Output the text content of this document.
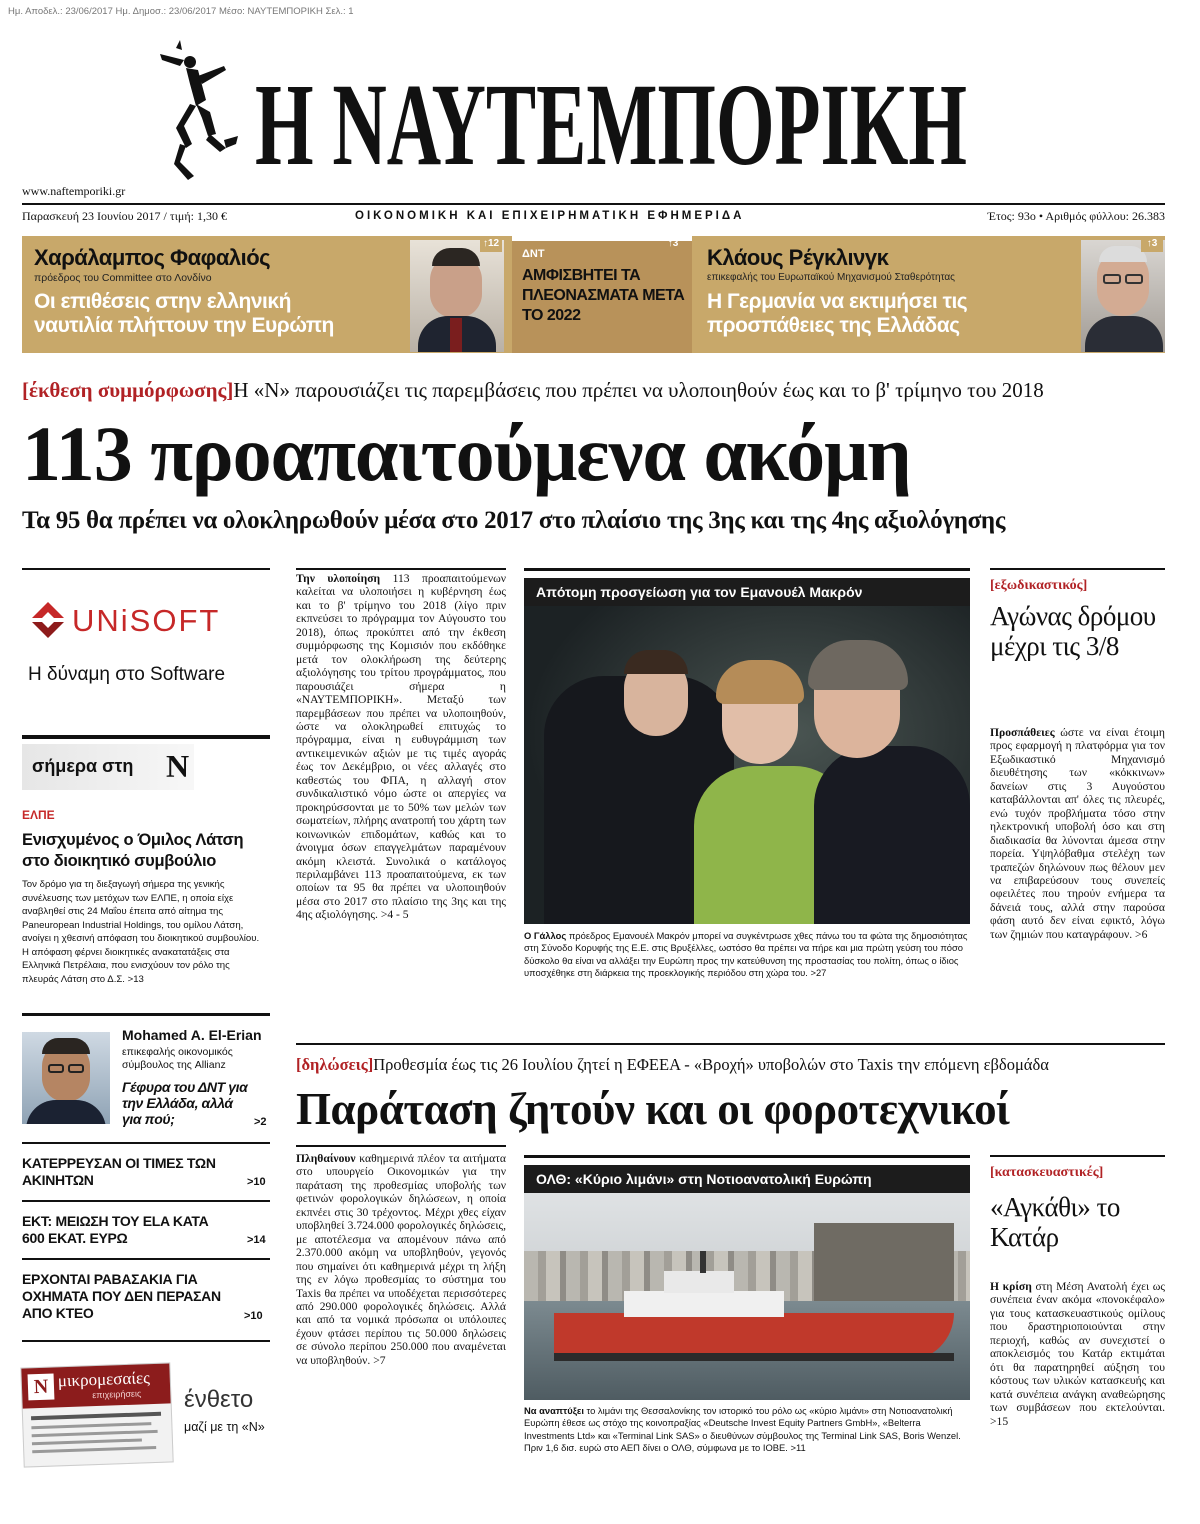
Ημ. Αποδελ.: 23/06/2017 Ημ. Δημοσ.: 23/06/2017 Μέσο: ΝΑΥΤΕΜΠΟΡΙΚΗ Σελ.: 1
Η ΝΑΥΤΕΜΠΟΡΙΚΗ
www.naftemporiki.gr
Παρασκευή 23 Ιουνίου 2017 / τιμή: 1,30 €	ΟΙΚΟΝΟΜΙΚΗ ΚΑΙ ΕΠΙΧΕΙΡΗΜΑΤΙΚΗ ΕΦΗΜΕΡΙΔΑ	Έτος: 93ο • Αριθμός φύλλου: 26.383
Χαράλαμπος Φαφαλιός
πρόεδρος του Committee στο Λονδίνο
Οι επιθέσεις στην ελληνική ναυτιλία πλήττουν την Ευρώπη
↑12
ΔΝΤ
↑3
ΑΜΦΙΣΒΗΤΕΙ ΤΑ ΠΛΕΟΝΑΣΜΑΤΑ ΜΕΤΑ ΤΟ 2022
Κλάους Ρέγκλινγκ
επικεφαλής του Ευρωπαϊκού Μηχανισμού Σταθερότητας
Η Γερμανία να εκτιμήσει τις προσπάθειες της Ελλάδας
↑3
[έκθεση συμμόρφωσης]Η «Ν» παρουσιάζει τις παρεμβάσεις που πρέπει να υλοποιηθούν έως και το β' τρίμηνο του 2018
113 προαπαιτούμενα ακόμη
Τα 95 θα πρέπει να ολοκληρωθούν μέσα στο 2017 στο πλαίσιο της 3ης και της 4ης αξιολόγησης
UNiSOFT
Η δύναμη στο Software
σήμερα στη Ν
ΕΛΠΕ
Ενισχυμένος ο Όμιλος Λάτση στο διοικητικό συμβούλιο
Τον δρόμο για τη διεξαγωγή σήμερα της γενικής συνέλευσης των μετόχων των ΕΛΠΕ, η οποία είχε αναβληθεί στις 24 Μαΐου έπειτα από αίτημα της Paneuropean Industrial Holdings, του ομίλου Λάτση, ανοίγει η χθεσινή απόφαση του διοικητικού συμβουλίου. Η απόφαση φέρνει διοικητικές ανακατατάξεις στα Ελληνικά Πετρέλαια, που ενισχύουν τον ρόλο της πλευράς Λάτση στο Δ.Σ. >13
Mohamed A. El-Erian
επικεφαλής οικονομικός σύμβουλος της Allianz
Γέφυρα του ΔΝΤ για την Ελλάδα, αλλά για πού;	>2
ΚΑΤΕΡΡΕΥΣΑΝ ΟΙ ΤΙΜΕΣ ΤΩΝ ΑΚΙΝΗΤΩΝ	>10
ΕΚΤ: ΜΕΙΩΣΗ ΤΟΥ ELA ΚΑΤΑ 600 ΕΚΑΤ. ΕΥΡΩ	>14
ΕΡΧΟΝΤΑΙ ΡΑΒΑΣΑΚΙΑ ΓΙΑ ΟΧΗΜΑΤΑ ΠΟΥ ΔΕΝ ΠΕΡΑΣΑΝ ΑΠΟ ΚΤΕΟ	>10
Ν μικρομεσαίες
επιχειρήσεις ένθετο
μαζί με τη «Ν»
Την υλοποίηση 113 προαπαιτούμενων καλείται να υλοποιήσει η κυβέρνηση έως και το β' τρίμηνο του 2018 (λίγο πριν εκπνεύσει το πρόγραμμα τον Αύγουστο του 2018), όπως προκύπτει από την έκθεση συμμόρφωσης της Κομισιόν που εκδόθηκε μετά τον ολοκλήρωση της δεύτερης αξιολόγησης του τρίτου προγράμματος, που παρουσιάζει σήμερα η «ΝΑΥΤΕΜΠΟΡΙΚΗ». Μεταξύ των παρεμβάσεων που πρέπει να υλοποιηθούν, ώστε να ολοκληρωθεί επιτυχώς το πρόγραμμα, είναι η ευθυγράμμιση των αντικειμενικών αξιών με τις τιμές αγοράς έως τον Δεκέμβριο, οι νέες αλλαγές στο καθεστώς του ΦΠΑ, η αλλαγή στον συνδικαλιστικό νόμο ώστε οι απεργίες να προκηρύσσονται με το 50% των μελών των σωματείων, πλήρης ανατροπή του χάρτη των κοινωνικών επιδομάτων, καθώς και το άνοιγμα όσων επαγγελμάτων παραμένουν ακόμη κλειστά. Συνολικά ο κατάλογος περιλαμβάνει 113 προαπαιτούμενα, εκ των οποίων τα 95 θα πρέπει να υλοποιηθούν μέσα στο 2017 στο πλαίσιο της 3ης και της 4ης αξιολόγησης. >4 - 5
Απότομη προσγείωση για τον Εμανουέλ Μακρόν
Ο Γάλλος πρόεδρος Εμανουέλ Μακρόν μπορεί να συγκέντρωσε χθες πάνω του τα φώτα της δημοσιότητας στη Σύνοδο Κορυφής της Ε.Ε. στις Βρυξέλλες, ωστόσο θα πρέπει να πήρε και μια πρώτη γεύση του πόσο δύσκολο θα είναι να αλλάξει την Ευρώπη προς την κατεύθυνση της προστασίας του πολίτη, όπως ο ίδιος υποσχέθηκε στη διάρκεια της προεκλογικής περιόδου στη χώρα του. >27
[εξωδικαστικός]
Αγώνας δρόμου μέχρι τις 3/8
Προσπάθειες ώστε να είναι έτοιμη προς εφαρμογή η πλατφόρμα για τον Εξωδικαστικό Μηχανισμό διευθέτησης των «κόκκινων» δανείων στις 3 Αυγούστου καταβάλλονται απ' όλες τις πλευρές, ενώ τυχόν προβλήματα τόσο στην ηλεκτρονική υποβολή όσο και στη διαδικασία θα λύνονται άμεσα στην πορεία. Υψηλόβαθμα στελέχη των τραπεζών δηλώνουν πως θέλουν μεν να επιβαρεύσουν τους συνεπείς οφειλέτες που τηρούν ενήμερα τα δάνειά τους, αλλά στην παρούσα φάση αυτό δεν είναι εφικτό, λόγω των ζημιών που καταγράφουν. >6
[δηλώσεις]Προθεσμία έως τις 26 Ιουλίου ζητεί η ΕΦΕΕΑ - «Βροχή» υποβολών στο Taxis την επόμενη εβδομάδα
Παράταση ζητούν και οι φοροτεχνικοί
Πληθαίνουν καθημερινά πλέον τα αιτήματα στο υπουργείο Οικονομικών για την παράταση της προθεσμίας υποβολής των φετινών φορολογικών δηλώσεων, η οποία εκπνέει στις 30 τρέχοντος. Μέχρι χθες είχαν υποβληθεί 3.724.000 φορολογικές δηλώσεις, με αποτέλεσμα να απομένουν πάνω από 2.370.000 ακόμη να υποβληθούν, γεγονός που σημαίνει ότι καθημερινά μέχρι τη λήξη της εν λόγω προθεσμίας το σύστημα του Taxis θα πρέπει να υποδέχεται περισσότερες από 290.000 φορολογικές δηλώσεις. Αλλά και από τα νομικά πρόσωπα οι υπόλοιπες έχουν φτάσει περίπου τις 50.000 δηλώσεις σε σύνολο περίπου 250.000 που αναμένεται να υποβληθούν. >7
ΟΛΘ: «Κύριο λιμάνι» στη Νοτιοανατολική Ευρώπη
Να αναπτύξει το λιμάνι της Θεσσαλονίκης τον ιστορικό του ρόλο ως «κύριο λιμάνι» στη Νοτιοανατολική Ευρώπη έθεσε ως στόχο της κοινοπραξίας «Deutsche Invest Equity Partners GmbH», «Belterra Investments Ltd» και «Terminal Link SAS» ο διευθύνων σύμβουλος της Terminal Link SAS, Boris Wenzel. Πριν 1,6 δισ. ευρώ στο ΑΕΠ δίνει ο ΟΛΘ, σύμφωνα με το ΙΟΒΕ. >11
[κατασκευαστικές]
«Αγκάθι» το Κατάρ
Η κρίση στη Μέση Ανατολή έχει ως συνέπεια έναν ακόμα «πονοκέφαλο» για τους κατασκευαστικούς ομίλους που δραστηριοποιούνται στην περιοχή, καθώς αν συνεχιστεί ο αποκλεισμός του Κατάρ εκτιμάται ότι θα παρατηρηθεί αύξηση του κόστους των υλικών κατασκευής και κατά συνέπεια ανάγκη αναθεώρησης των συμβάσεων που εκτελούνται. >15
